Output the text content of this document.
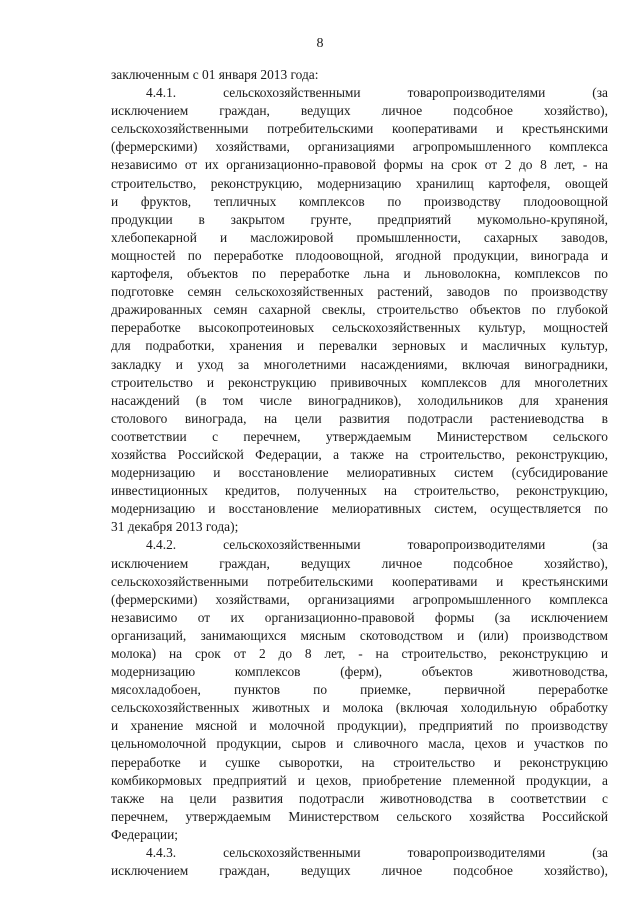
8
заключенным с 01 января 2013 года:
4.4.1. сельскохозяйственными товаропроизводителями (за
исключением граждан, ведущих личное подсобное хозяйство),
сельскохозяйственными потребительскими кооперативами и крестьянскими
(фермерскими) хозяйствами, организациями агропромышленного комплекса
независимо от их организационно-правовой формы на срок от 2 до 8 лет, - на
строительство, реконструкцию, модернизацию хранилищ картофеля, овощей
и фруктов, тепличных комплексов по производству плодоовощной
продукции в закрытом грунте, предприятий мукомольно-крупяной,
хлебопекарной и масложировой промышленности, сахарных заводов,
мощностей по переработке плодоовощной, ягодной продукции, винограда и
картофеля, объектов по переработке льна и льноволокна, комплексов по
подготовке семян сельскохозяйственных растений, заводов по производству
дражированных семян сахарной свеклы, строительство объектов по глубокой
переработке высокопротеиновых сельскохозяйственных культур, мощностей
для подработки, хранения и перевалки зерновых и масличных культур,
закладку и уход за многолетними насаждениями, включая виноградники,
строительство и реконструкцию прививочных комплексов для многолетних
насаждений (в том числе виноградников), холодильников для хранения
столового винограда, на цели развития подотрасли растениеводства в
соответствии с перечнем, утверждаемым Министерством сельского
хозяйства Российской Федерации, а также на строительство, реконструкцию,
модернизацию и восстановление мелиоративных систем (субсидирование
инвестиционных кредитов, полученных на строительство, реконструкцию,
модернизацию и восстановление мелиоративных систем, осуществляется по
31 декабря 2013 года);
4.4.2. сельскохозяйственными товаропроизводителями (за
исключением граждан, ведущих личное подсобное хозяйство),
сельскохозяйственными потребительскими кооперативами и крестьянскими
(фермерскими) хозяйствами, организациями агропромышленного комплекса
независимо от их организационно-правовой формы (за исключением
организаций, занимающихся мясным скотоводством и (или) производством
молока) на срок от 2 до 8 лет, - на строительство, реконструкцию и
модернизацию комплексов (ферм), объектов животноводства,
мясохладобоен, пунктов по приемке, первичной переработке
сельскохозяйственных животных и молока (включая холодильную обработку
и хранение мясной и молочной продукции), предприятий по производству
цельномолочной продукции, сыров и сливочного масла, цехов и участков по
переработке и сушке сыворотки, на строительство и реконструкцию
комбикормовых предприятий и цехов, приобретение племенной продукции, а
также на цели развития подотрасли животноводства в соответствии с
перечнем, утверждаемым Министерством сельского хозяйства Российской
Федерации;
4.4.3. сельскохозяйственными товаропроизводителями (за
исключением граждан, ведущих личное подсобное хозяйство),
